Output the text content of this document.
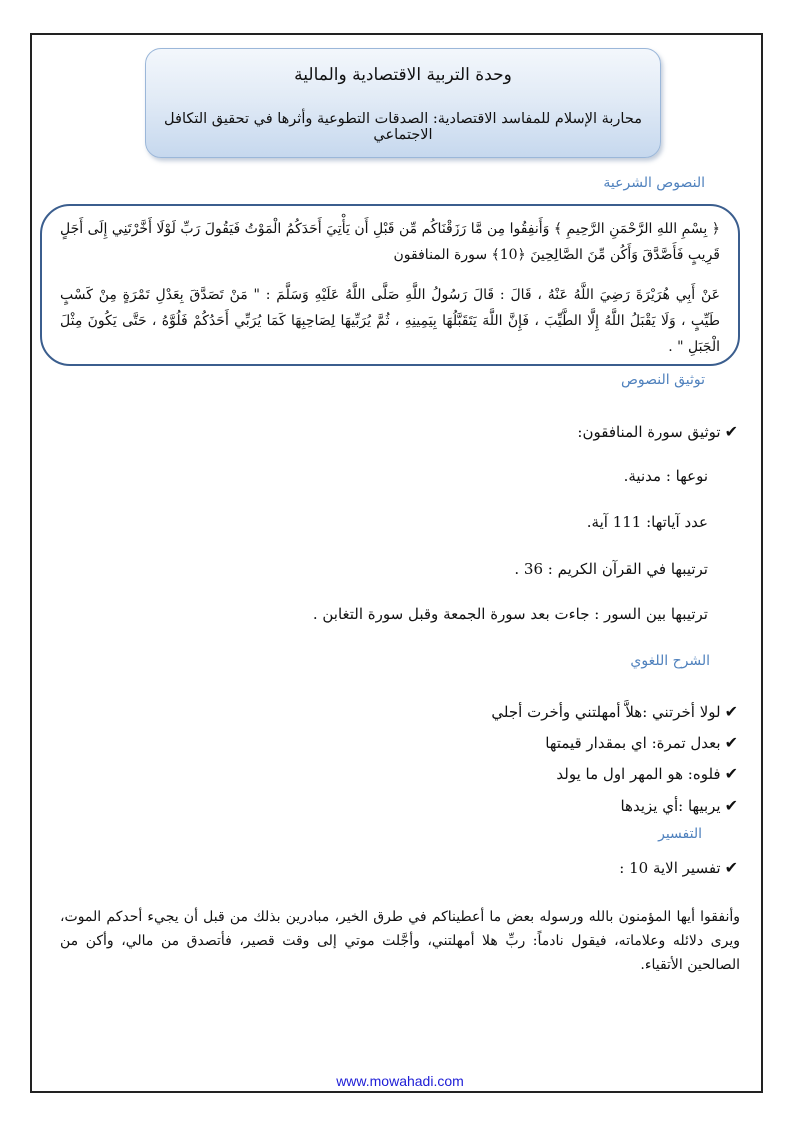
وحدة التربية الاقتصادية والمالية
محاربة الإسلام للمفاسد الاقتصادية: الصدقات التطوعية وأثرها في تحقيق التكافل الاجتماعي
النصوص الشرعية

﴿ بِسْمِ اللهِ الرَّحْمَنِ الرَّحِيمِ ﴾ وَأَنفِقُوا مِن مَّا رَزَقْنَاكُم مِّن قَبْلِ أَن يَأْتِيَ أَحَدَكُمُ الْمَوْتُ فَيَقُولَ رَبِّ لَوْلَا أَخَّرْتَنِي إِلَى أَجَلٍ قَرِيبٍ فَأَصَّدَّقَ وَأَكُن مِّنَ الصَّالِحِينَ ﴿10﴾ سورة المنافقون

عَنْ أَبِي هُرَيْرَةَ رَضِيَ اللَّهُ عَنْهُ ، قَالَ : قَالَ رَسُولُ اللَّهِ صَلَّى اللَّهُ عَلَيْهِ وَسَلَّمَ : " مَنْ تَصَدَّقَ بِعَدْلِ تَمْرَةٍ مِنْ كَسْبٍ طَيِّبٍ ، وَلَا يَقْبَلُ اللَّهُ إِلَّا الطَّيِّبَ ، فَإِنَّ اللَّهَ يَتَقَبَّلُهَا بِيَمِينِهِ ، ثُمَّ يُرَبِّيهَا لِصَاحِبِهَا كَمَا يُرَبِّي أَحَدُكُمْ فَلُوَّهُ ، حَتَّى يَكُونَ مِثْلَ الْجَبَلِ " .

توثيق النصوص
✔توثيق سورة المنافقون:
نوعها : مدنية.
عدد آياتها: 111 آية.
ترتيبها في القرآن الكريم : 36 .
ترتيبها بين السور : جاءت بعد سورة الجمعة وقبل سورة التغابن .
الشرح اللغوي
✔لولا أخرتني :هلاَّ أمهلتني وأخرت أجلي
✔بعدل تمرة: اي بمقدار قيمتها
✔فلوه: هو المهر اول ما يولد
✔يربيها :أي يزيدها
التفسير
✔تفسير الاية 10 :
وأنفقوا أيها المؤمنون بالله ورسوله بعض ما أعطيناكم في طرق الخير، مبادرين بذلك من قبل أن يجيء أحدكم الموت، ويرى دلائله وعلاماته، فيقول نادماً: ربِّ هلا أمهلتني، وأجَّلت موتي إلى وقت قصير، فأتصدق من مالي، وأكن من الصالحين الأتقياء.
www.mowahadi.com
